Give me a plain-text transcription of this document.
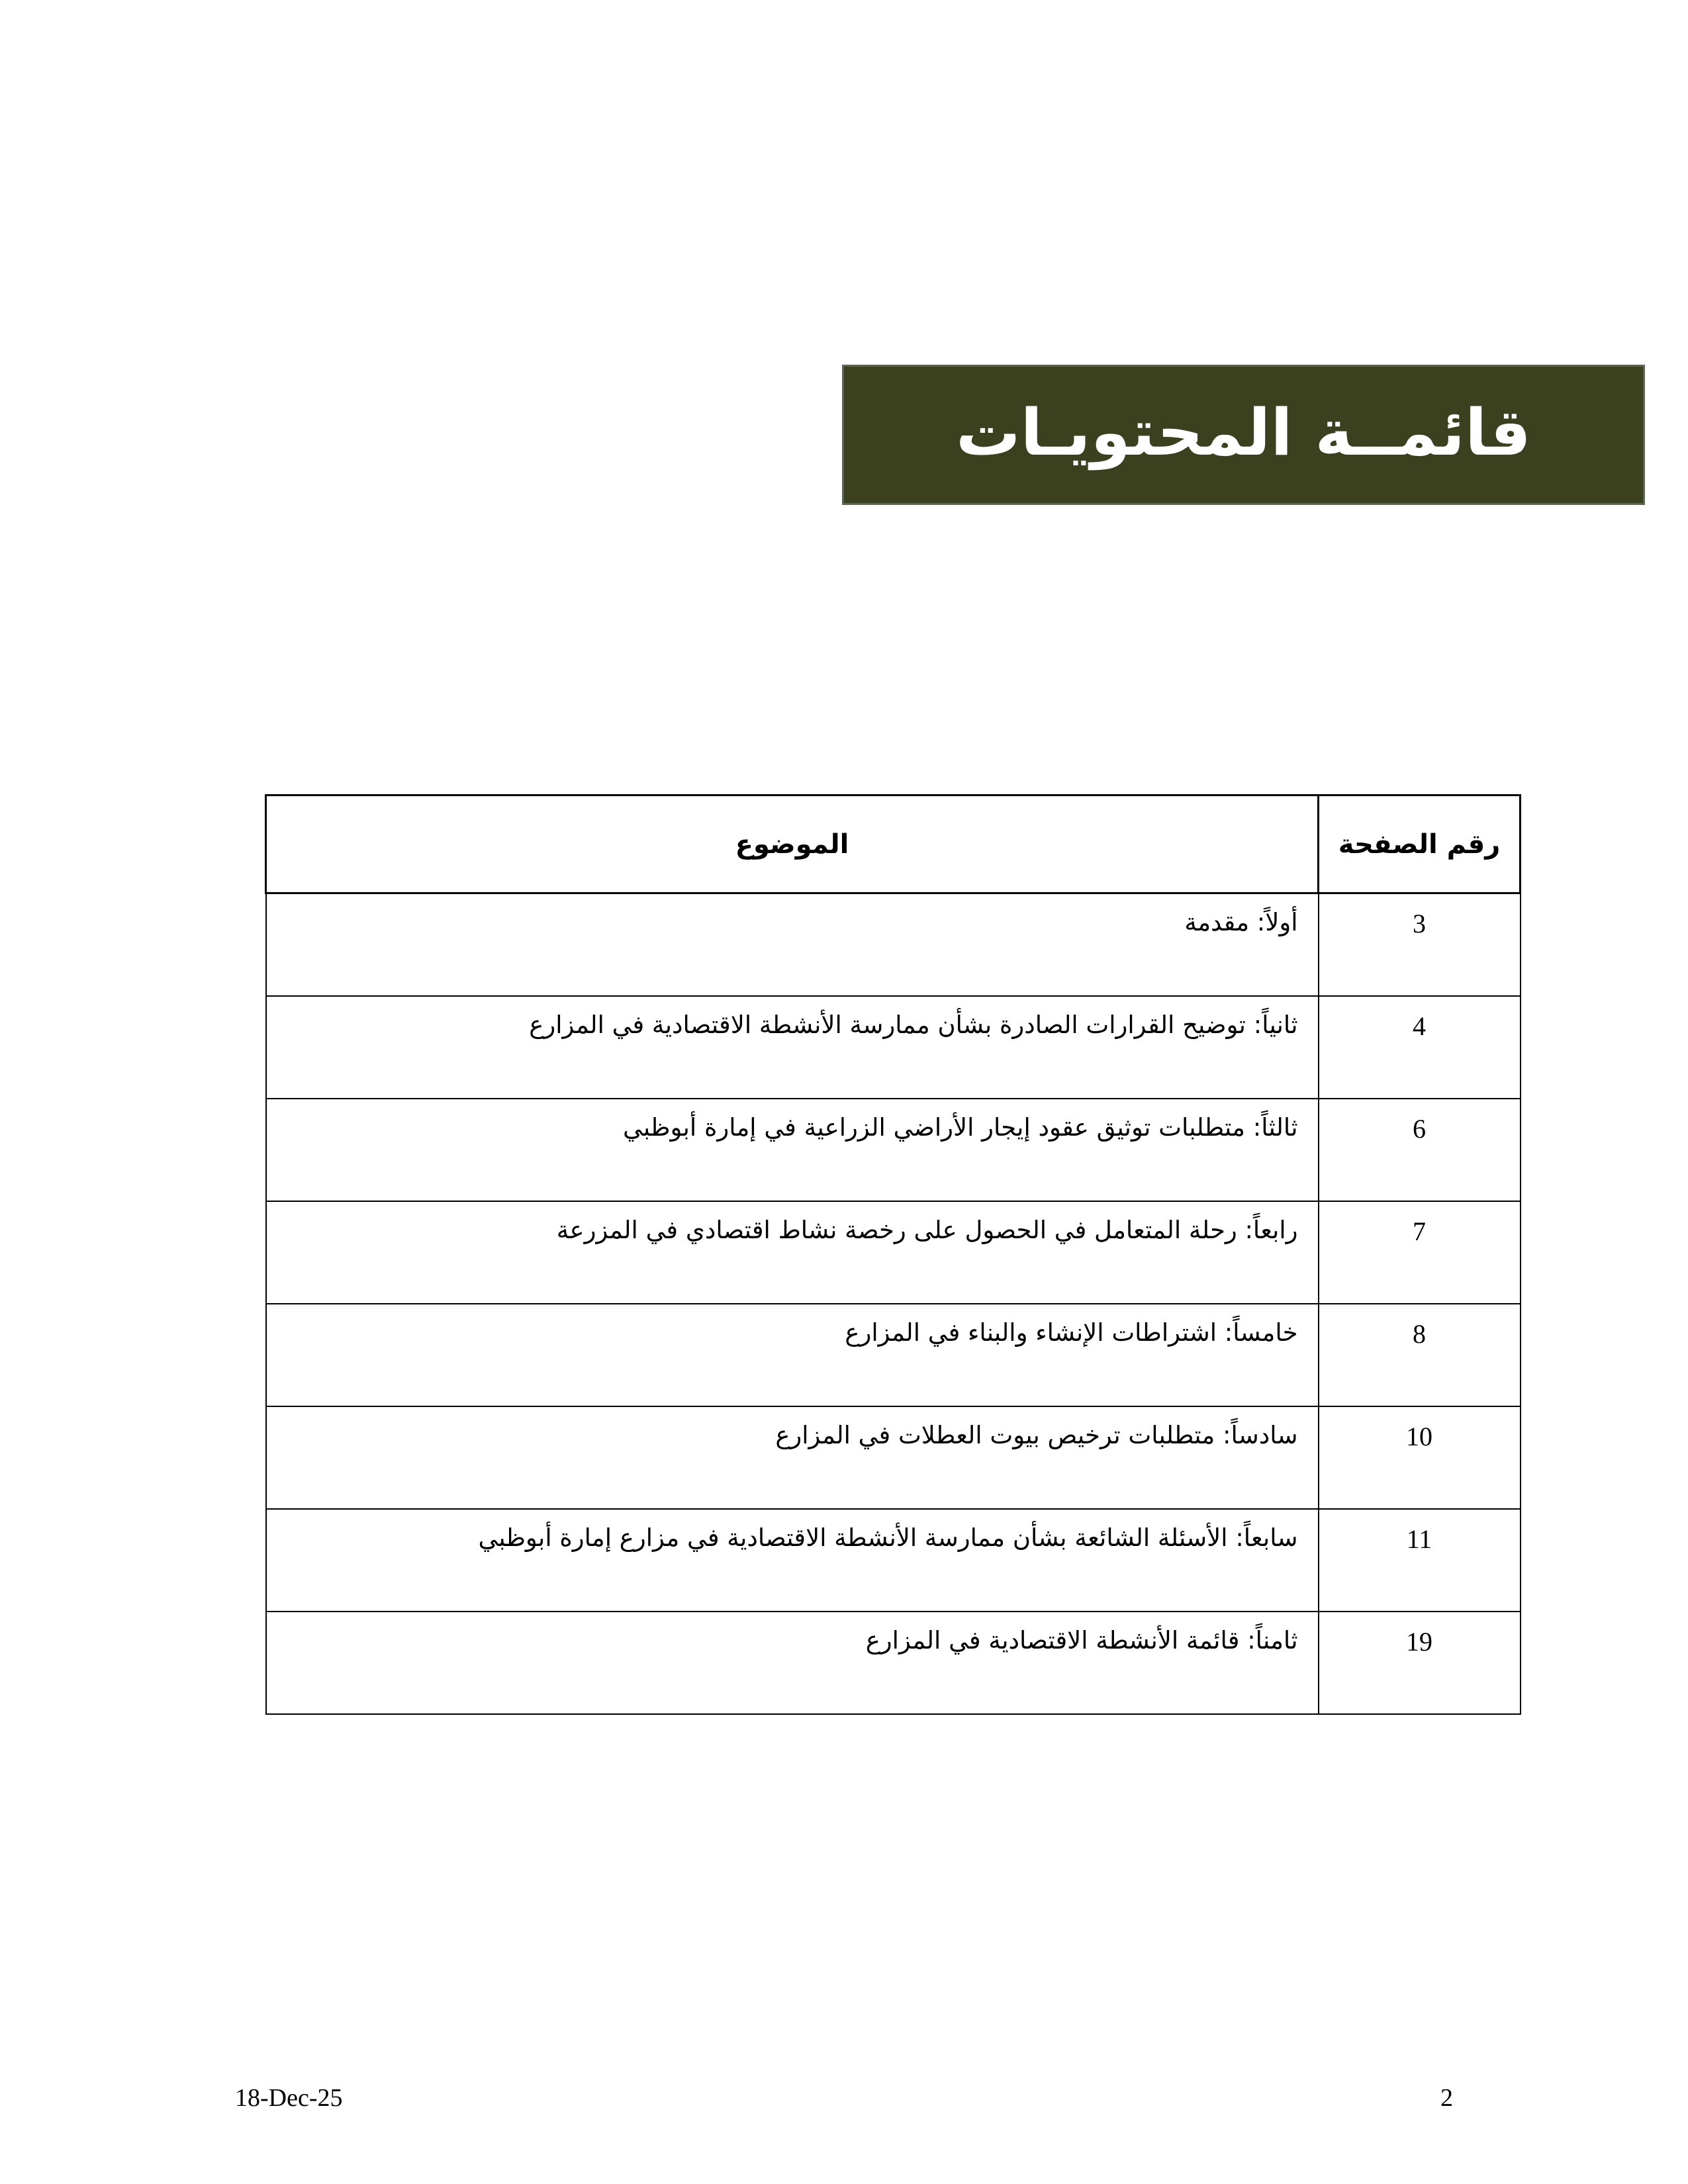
قائمــة المحتويـات
رقم الصفحة	الموضوع

3	أولاً: مقدمة

4	ثانياً: توضيح القرارات الصادرة بشأن ممارسة الأنشطة الاقتصادية في المزارع

6	ثالثاً: متطلبات توثيق عقود إيجار الأراضي الزراعية في إمارة أبوظبي

7	رابعاً: رحلة المتعامل في الحصول على رخصة نشاط اقتصادي في المزرعة

8	خامساً: اشتراطات الإنشاء والبناء في المزارع

10	سادساً: متطلبات ترخيص بيوت العطلات في المزارع

11	سابعاً: الأسئلة الشائعة بشأن ممارسة الأنشطة الاقتصادية في مزارع إمارة أبوظبي

19	ثامناً: قائمة الأنشطة الاقتصادية في المزارع
18-Dec-25	2
